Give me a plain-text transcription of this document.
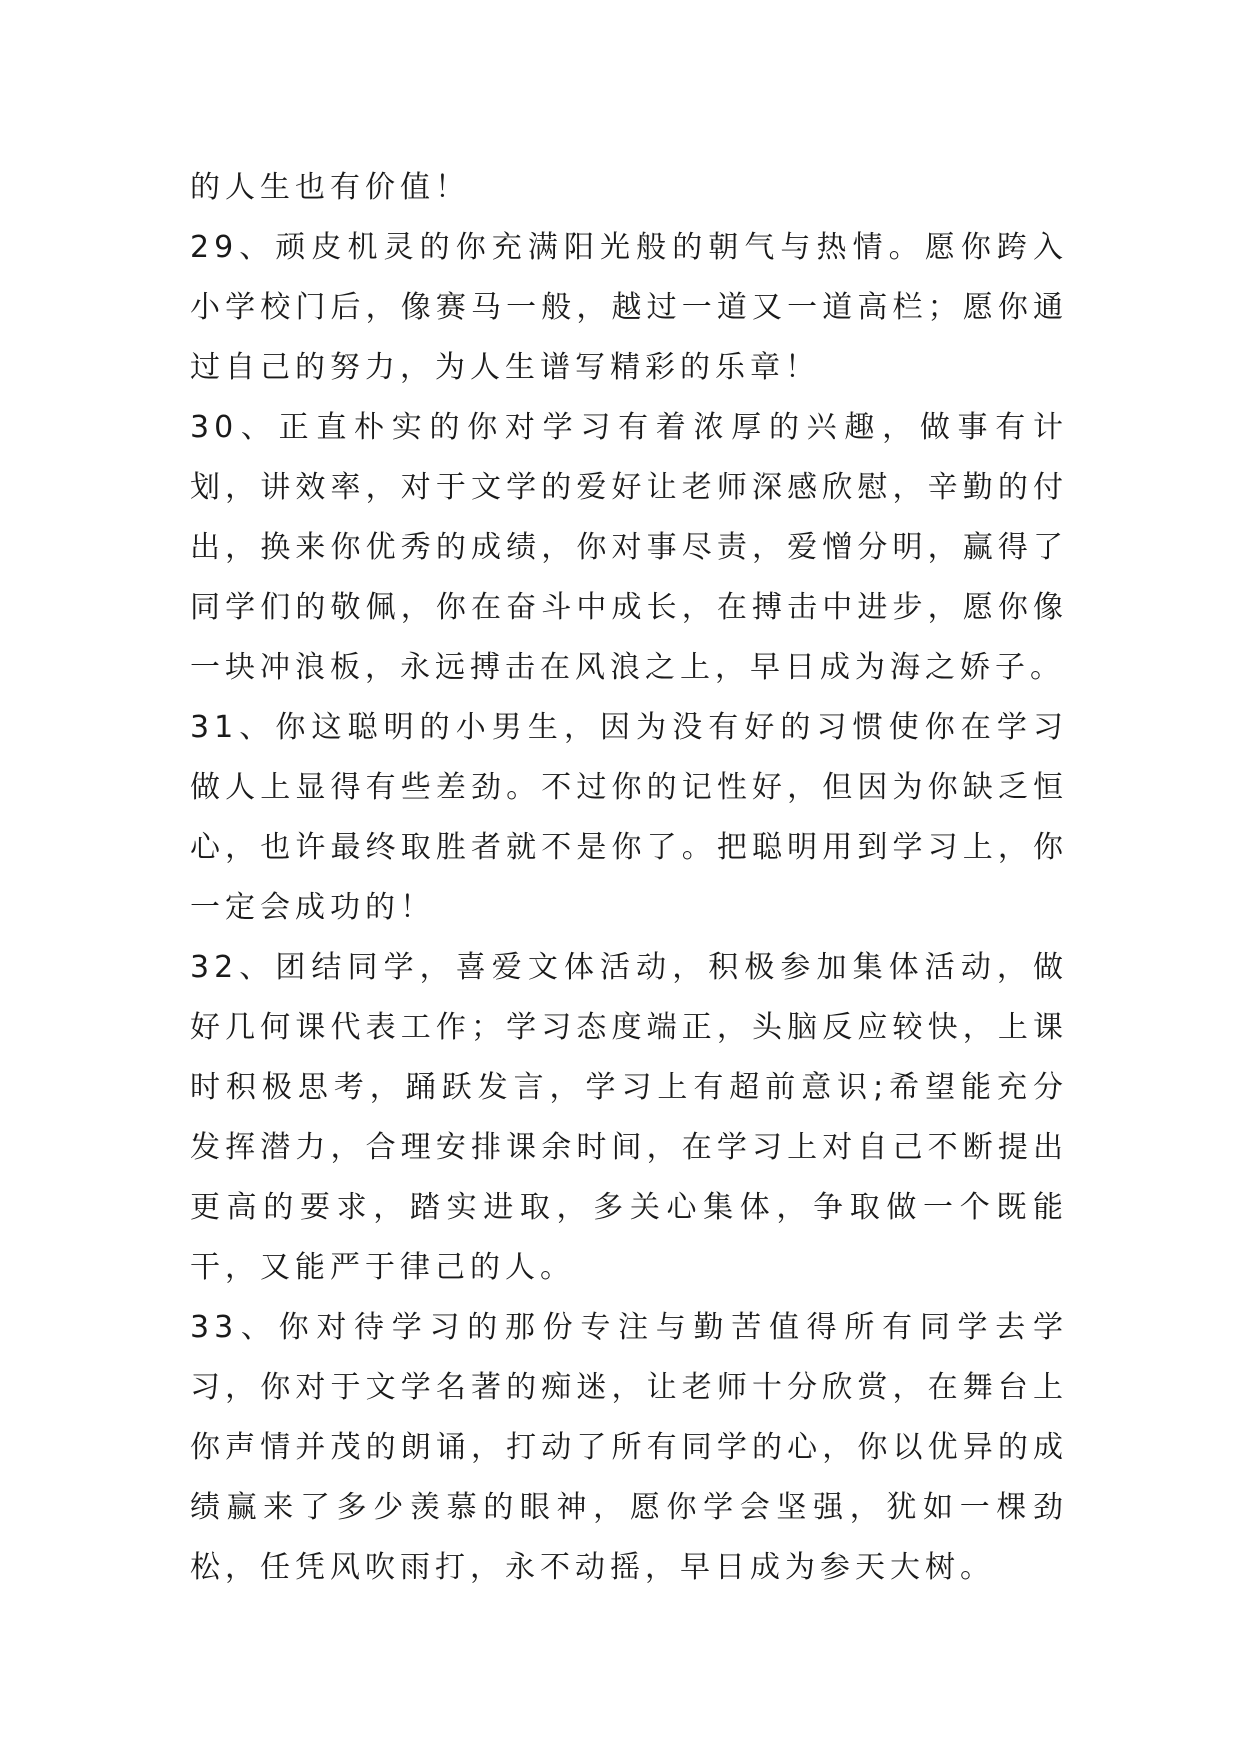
的人生也有价值！

29、顽皮机灵的你充满阳光般的朝气与热情。愿你跨入小学校门后，像赛马一般，越过一道又一道高栏；愿你通过自己的努力，为人生谱写精彩的乐章！

30、正直朴实的你对学习有着浓厚的兴趣，做事有计划，讲效率，对于文学的爱好让老师深感欣慰，辛勤的付出，换来你优秀的成绩，你对事尽责，爱憎分明，赢得了同学们的敬佩，你在奋斗中成长，在搏击中进步，愿你像一块冲浪板，永远搏击在风浪之上，早日成为海之娇子。

31、你这聪明的小男生，因为没有好的习惯使你在学习做人上显得有些差劲。不过你的记性好，但因为你缺乏恒心，也许最终取胜者就不是你了。把聪明用到学习上，你一定会成功的！

32、团结同学，喜爱文体活动，积极参加集体活动，做好几何课代表工作；学习态度端正，头脑反应较快，上课时积极思考，踊跃发言，学习上有超前意识;希望能充分发挥潜力，合理安排课余时间，在学习上对自己不断提出更高的要求，踏实进取，多关心集体，争取做一个既能干，又能严于律己的人。

33、你对待学习的那份专注与勤苦值得所有同学去学习，你对于文学名著的痴迷，让老师十分欣赏，在舞台上你声情并茂的朗诵，打动了所有同学的心，你以优异的成绩赢来了多少羡慕的眼神，愿你学会坚强，犹如一棵劲松，任凭风吹雨打，永不动摇，早日成为参天大树。
